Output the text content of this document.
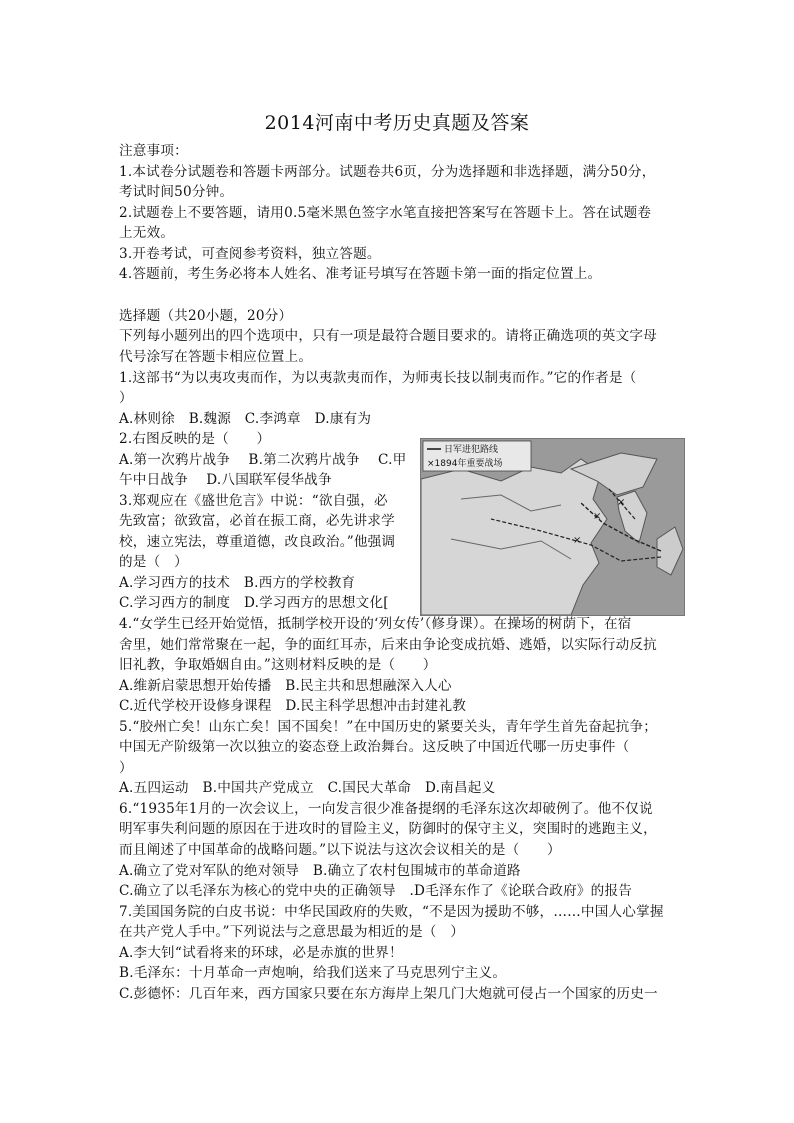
2014河南中考历史真题及答案
注意事项：
1.本试卷分试题卷和答题卡两部分。试题卷共6页，分为选择题和非选择题，满分50分，
考试时间50分钟。
2.试题卷上不要答题，请用0.5毫米黑色签字水笔直接把答案写在答题卡上。答在试题卷
上无效。
3.开卷考试，可查阅参考资料，独立答题。
4.答题前，考生务必将本人姓名、准考证号填写在答题卡第一面的指定位置上。
选择题（共20小题，20分）
下列每小题列出的四个选项中，只有一项是最符合题目要求的。请将正确选项的英文字母
代号涂写在答题卡相应位置上。
1.这部书“为以夷攻夷而作，为以夷款夷而作，为师夷长技以制夷而作。”它的作者是（
）
A.林则徐　B.魏源　C.李鸿章　D.康有为
2.右图反映的是（　　）
A.第一次鸦片战争　 B.第二次鸦片战争　 C.甲
午中日战争　 D.八国联军侵华战争
3.郑观应在《盛世危言》中说：“欲自强，必
先致富；欲致富，必首在振工商，必先讲求学
校，速立宪法，尊重道德，改良政治。”他强调
的是（　）
A.学习西方的技术　B.西方的学校教育
C.学习西方的制度　D.学习西方的思想文化[
4.“女学生已经开始觉悟，抵制学校开设的‘列女传’（修身课）。在操场的树荫下，在宿
舍里，她们常常聚在一起，争的面红耳赤，后来由争论变成抗婚、逃婚，以实际行动反抗
旧礼教，争取婚姻自由。”这则材料反映的是（　　）
A.维新启蒙思想开始传播　B.民主共和思想融深入人心
C.近代学校开设修身课程　D.民主科学思想冲击封建礼教
5.“胶州亡矣！山东亡矣！国不国矣！”在中国历史的紧要关头，青年学生首先奋起抗争；
中国无产阶级第一次以独立的姿态登上政治舞台。这反映了中国近代哪一历史事件（
）
A.五四运动　B.中国共产党成立　C.国民大革命　D.南昌起义
6.“1935年1月的一次会议上，一向发言很少准备提纲的毛泽东这次却破例了。他不仅说
明军事失利问题的原因在于进攻时的冒险主义，防御时的保守主义，突围时的逃跑主义，
而且阐述了中国革命的战略问题。”以下说法与这次会议相关的是（　　）
A.确立了党对军队的绝对领导　B.确立了农村包围城市的革命道路
C.确立了以毛泽东为核心的党中央的正确领导　.D毛泽东作了《论联合政府》的报告
7.美国国务院的白皮书说：中华民国政府的失败，“不是因为援助不够，……中国人心掌握
在共产党人手中。”下列说法与之意思最为相近的是（　）
A.李大钊“试看将来的环球，必是赤旗的世界！
B.毛泽东：十月革命一声炮响，给我们送来了马克思列宁主义。
C.彭德怀：几百年来，西方国家只要在东方海岸上架几门大炮就可侵占一个国家的历史一
×
×
×
日军进犯路线
×1894年重要战场
